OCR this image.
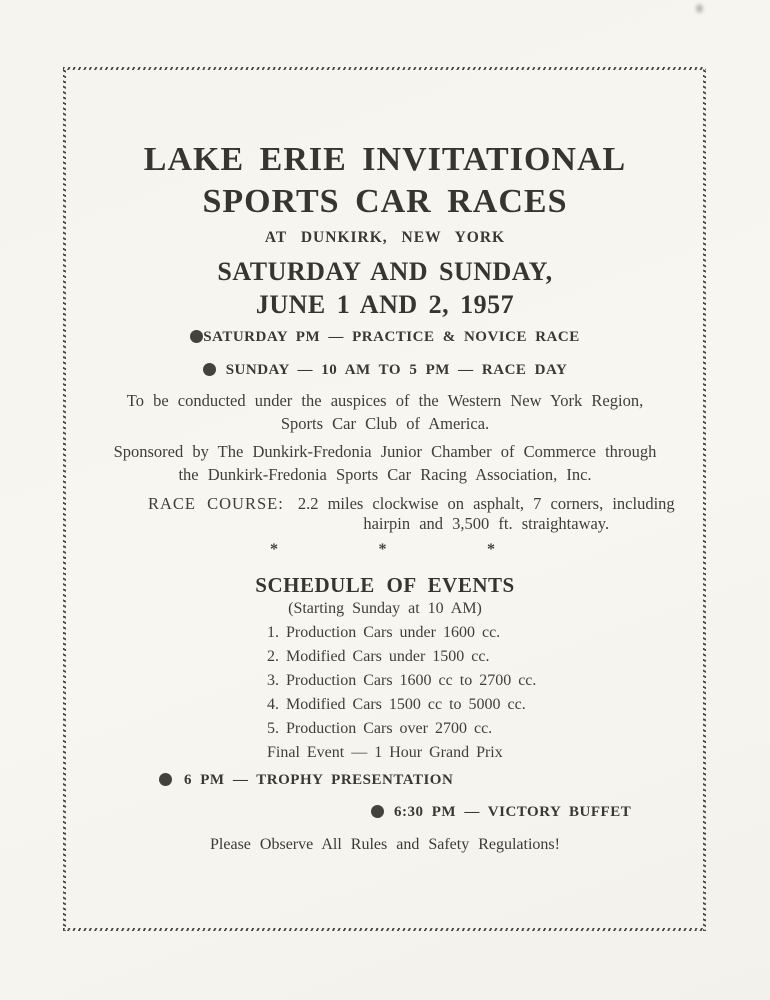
LAKE ERIE INVITATIONAL
SPORTS CAR RACES
AT DUNKIRK, NEW YORK
SATURDAY AND SUNDAY,
JUNE 1 AND 2, 1957
SATURDAY PM — PRACTICE & NOVICE RACE
SUNDAY — 10 AM TO 5 PM — RACE DAY
To be conducted under the auspices of the Western New York Region,
Sports Car Club of America.
Sponsored by The Dunkirk-Fredonia Junior Chamber of Commerce through
the Dunkirk-Fredonia Sports Car Racing Association, Inc.
RACE COURSE: 2.2 miles clockwise on asphalt, 7 corners, including
hairpin and 3,500 ft. straightaway.
*	*	*
SCHEDULE OF EVENTS
(Starting Sunday at 10 AM)
1. Production Cars under 1600 cc.
2. Modified Cars under 1500 cc.
3. Production Cars 1600 cc to 2700 cc.
4. Modified Cars 1500 cc to 5000 cc.
5. Production Cars over 2700 cc.
Final Event — 1 Hour Grand Prix
6 PM — TROPHY PRESENTATION
6:30 PM — VICTORY BUFFET
Please Observe All Rules and Safety Regulations!
